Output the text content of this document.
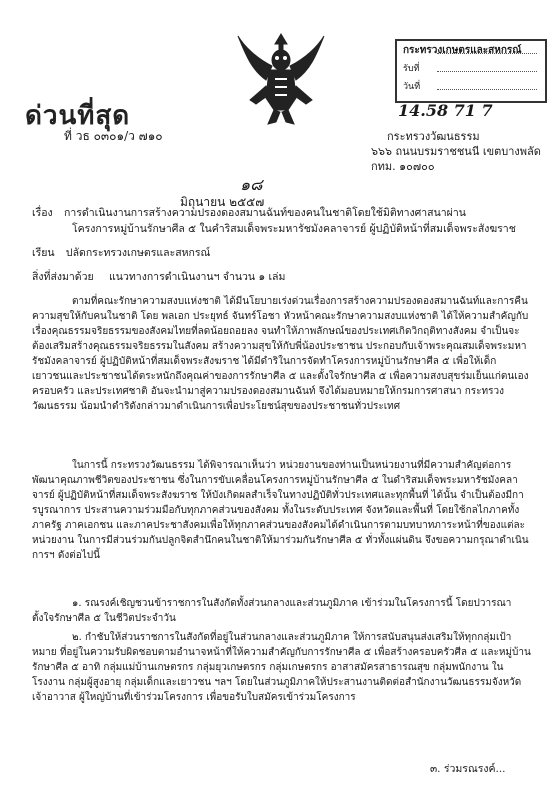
ด่วนที่สุด
ที่ วธ ๐๓๐๑/ว ๗๑๐
กระทรวงเกษตรและสหกรณ์
รับที่
วันที่
14.58 71 7
กระทรวงวัฒนธรรม
๖๖๖ ถนนบรมราชชนนี เขตบางพลัด
กทม. ๑๐๗๐๐
๑๘
มิถุนายน ๒๕๕๗
เรื่อง การดำเนินงานการสร้างความปรองดองสมานฉันท์ของคนในชาติโดยใช้มิติทางศาสนาผ่าน
โครงการหมู่บ้านรักษาศีล ๕ ในคำริสมเด็จพระมหารัชมังคลาจารย์ ผู้ปฏิบัติหน้าที่สมเด็จพระสังฆราช
เรียน ปลัดกระทรวงเกษตรและสหกรณ์
สิ่งที่ส่งมาด้วย แนวทางการดำเนินงานฯ จำนวน ๑ เล่ม
ตามที่คณะรักษาความสงบแห่งชาติ ได้มีนโยบายเร่งด่วนเรื่องการสร้างความปรองดองสมานฉันท์และการคืนความสุขให้กับคนในชาติ โดย พลเอก ประยุทธ์ จันทร์โอชา หัวหน้าคณะรักษาความสงบแห่งชาติ ได้ให้ความสำคัญกับเรื่องคุณธรรมจริยธรรมของสังคมไทยที่ลดน้อยถอยลง จนทำให้ภาพลักษณ์ของประเทศเกิดวิกฤติทางสังคม จำเป็นจะต้องเสริมสร้างคุณธรรมจริยธรรมในสังคม สร้างความสุขให้กับพี่น้องประชาชน ประกอบกับเจ้าพระคุณสมเด็จพระมหารัชมังคลาจารย์ ผู้ปฏิบัติหน้าที่สมเด็จพระสังฆราช ได้มีดำริในการจัดทำโครงการหมู่บ้านรักษาศีล ๕ เพื่อให้เด็ก เยาวชนและประชาชนได้ตระหนักถึงคุณค่าของการรักษาศีล ๕ และตั้งใจรักษาศีล ๕ เพื่อความสงบสุขร่มเย็นแก่ตนเอง ครอบครัว และประเทศชาติ อันจะนำมาสู่ความปรองดองสมานฉันท์ จึงได้มอบหมายให้กรมการศาสนา กระทรวงวัฒนธรรม น้อมนำดำริดังกล่าวมาดำเนินการเพื่อประโยชน์สุขของประชาชนทั่วประเทศ
ในการนี้ กระทรวงวัฒนธรรม ได้พิจารณาเห็นว่า หน่วยงานของท่านเป็นหน่วยงานที่มีความสำคัญต่อการพัฒนาคุณภาพชีวิตของประชาชน ซึ่งในการขับเคลื่อนโครงการหมู่บ้านรักษาศีล ๕ ในดำริสมเด็จพระมหารัชมังคลาจารย์ ผู้ปฏิบัติหน้าที่สมเด็จพระสังฆราช ให้บังเกิดผลสำเร็จในทางปฏิบัติทั่วประเทศและทุกพื้นที่ ได้นั้น จำเป็นต้องมีการบูรณาการ ประสานความร่วมมือกับทุกภาคส่วนของสังคม ทั้งในระดับประเทศ จังหวัดและพื้นที่ โดยใช้กลไกภาคทั้งภาครัฐ ภาคเอกชน และภาคประชาสังคมเพื่อให้ทุกภาคส่วนของสังคมได้ดำเนินการตามบทบาทภาระหน้าที่ของแต่ละหน่วยงาน ในการมีส่วนร่วมกันปลูกจิตสำนึกคนในชาติให้มาร่วมกันรักษาศีล ๕ ทั่วทั้งแผ่นดิน จึงขอความกรุณาดำเนินการฯ ดังต่อไปนี้
๑. รณรงค์เชิญชวนข้าราชการในสังกัดทั้งส่วนกลางและส่วนภูมิภาค เข้าร่วมในโครงการนี้ โดยปวารณาตั้งใจรักษาศีล ๕ ในชีวิตประจำวัน
๒. กำชับให้ส่วนราชการในสังกัดที่อยู่ในส่วนกลางและส่วนภูมิภาค ให้การสนับสนุนส่งเสริมให้ทุกกลุ่มเป้าหมาย ที่อยู่ในความรับผิดชอบตามอำนาจหน้าที่ให้ความสำคัญกับการรักษาศีล ๕ เพื่อสร้างครอบครัวศีล ๕ และหมู่บ้านรักษาศีล ๕ อาทิ กลุ่มแม่บ้านเกษตรกร กลุ่มยุวเกษตรกร กลุ่มเกษตรกร อาสาสมัครสาธารณสุข กลุ่มพนักงาน ในโรงงาน กลุ่มผู้สูงอายุ กลุ่มเด็กและเยาวชน ฯลฯ โดยในส่วนภูมิภาคให้ประสานงานติดต่อสำนักงานวัฒนธรรมจังหวัด เจ้าอาวาส ผู้ใหญ่บ้านที่เข้าร่วมโครงการ เพื่อขอรับใบสมัครเข้าร่วมโครงการ
๓. ร่วมรณรงค์...
